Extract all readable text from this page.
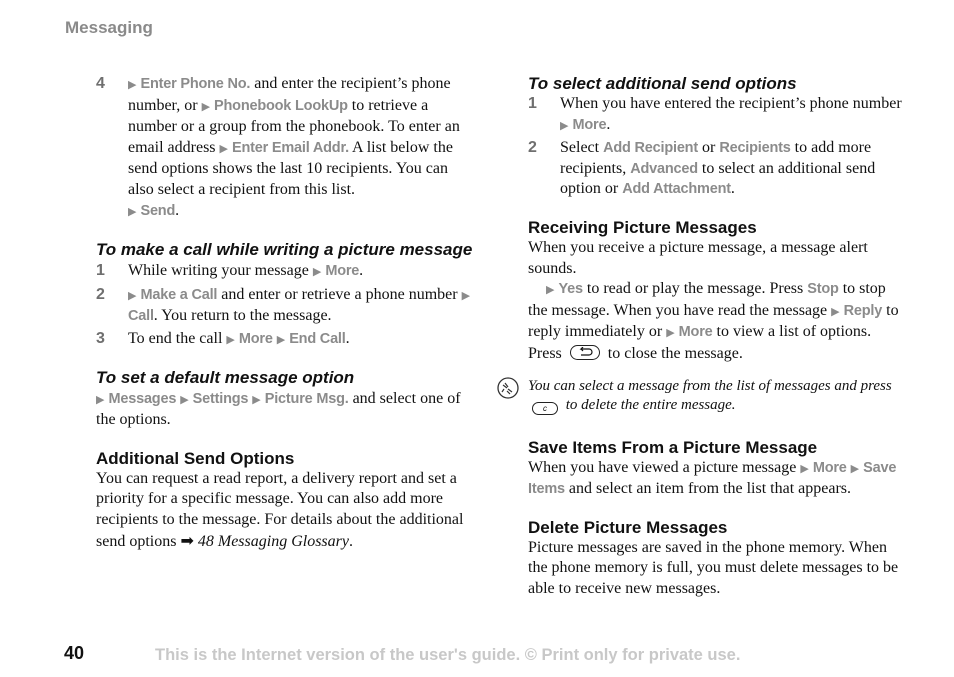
Messaging
4 ▶ Enter Phone No. and enter the recipient’s phone number, or ▶ Phonebook LookUp to retrieve a number or a group from the phonebook. To enter an email address ▶ Enter Email Addr. A list below the send options shows the last 10 recipients. You can also select a recipient from this list.
▶ Send.
To make a call while writing a picture message
1 While writing your message ▶ More.
2 ▶ Make a Call and enter or retrieve a phone number ▶ Call. You return to the message.
3 To end the call ▶ More ▶ End Call.
To set a default message option
▶ Messages ▶ Settings ▶ Picture Msg. and select one of the options.
Additional Send Options
You can request a read report, a delivery report and set a priority for a specific message. You can also add more recipients to the message. For details about the additional send options ➡ 48 Messaging Glossary.
To select additional send options
1 When you have entered the recipient’s phone number ▶ More.
2 Select Add Recipient or Recipients to add more recipients, Advanced to select an additional send option or Add Attachment.
Receiving Picture Messages
When you receive a picture message, a message alert sounds.
▶ Yes to read or play the message. Press Stop to stop the message. When you have read the message ▶ Reply to reply immediately or ▶ More to view a list of options. Press
to close the message.
You can select a message from the list of messages and press c to delete the entire message.
Save Items From a Picture Message
When you have viewed a picture message ▶ More ▶ Save Items and select an item from the list that appears.
Delete Picture Messages
Picture messages are saved in the phone memory. When the phone memory is full, you must delete messages to be able to receive new messages.
40	This is the Internet version of the user's guide. © Print only for private use.
